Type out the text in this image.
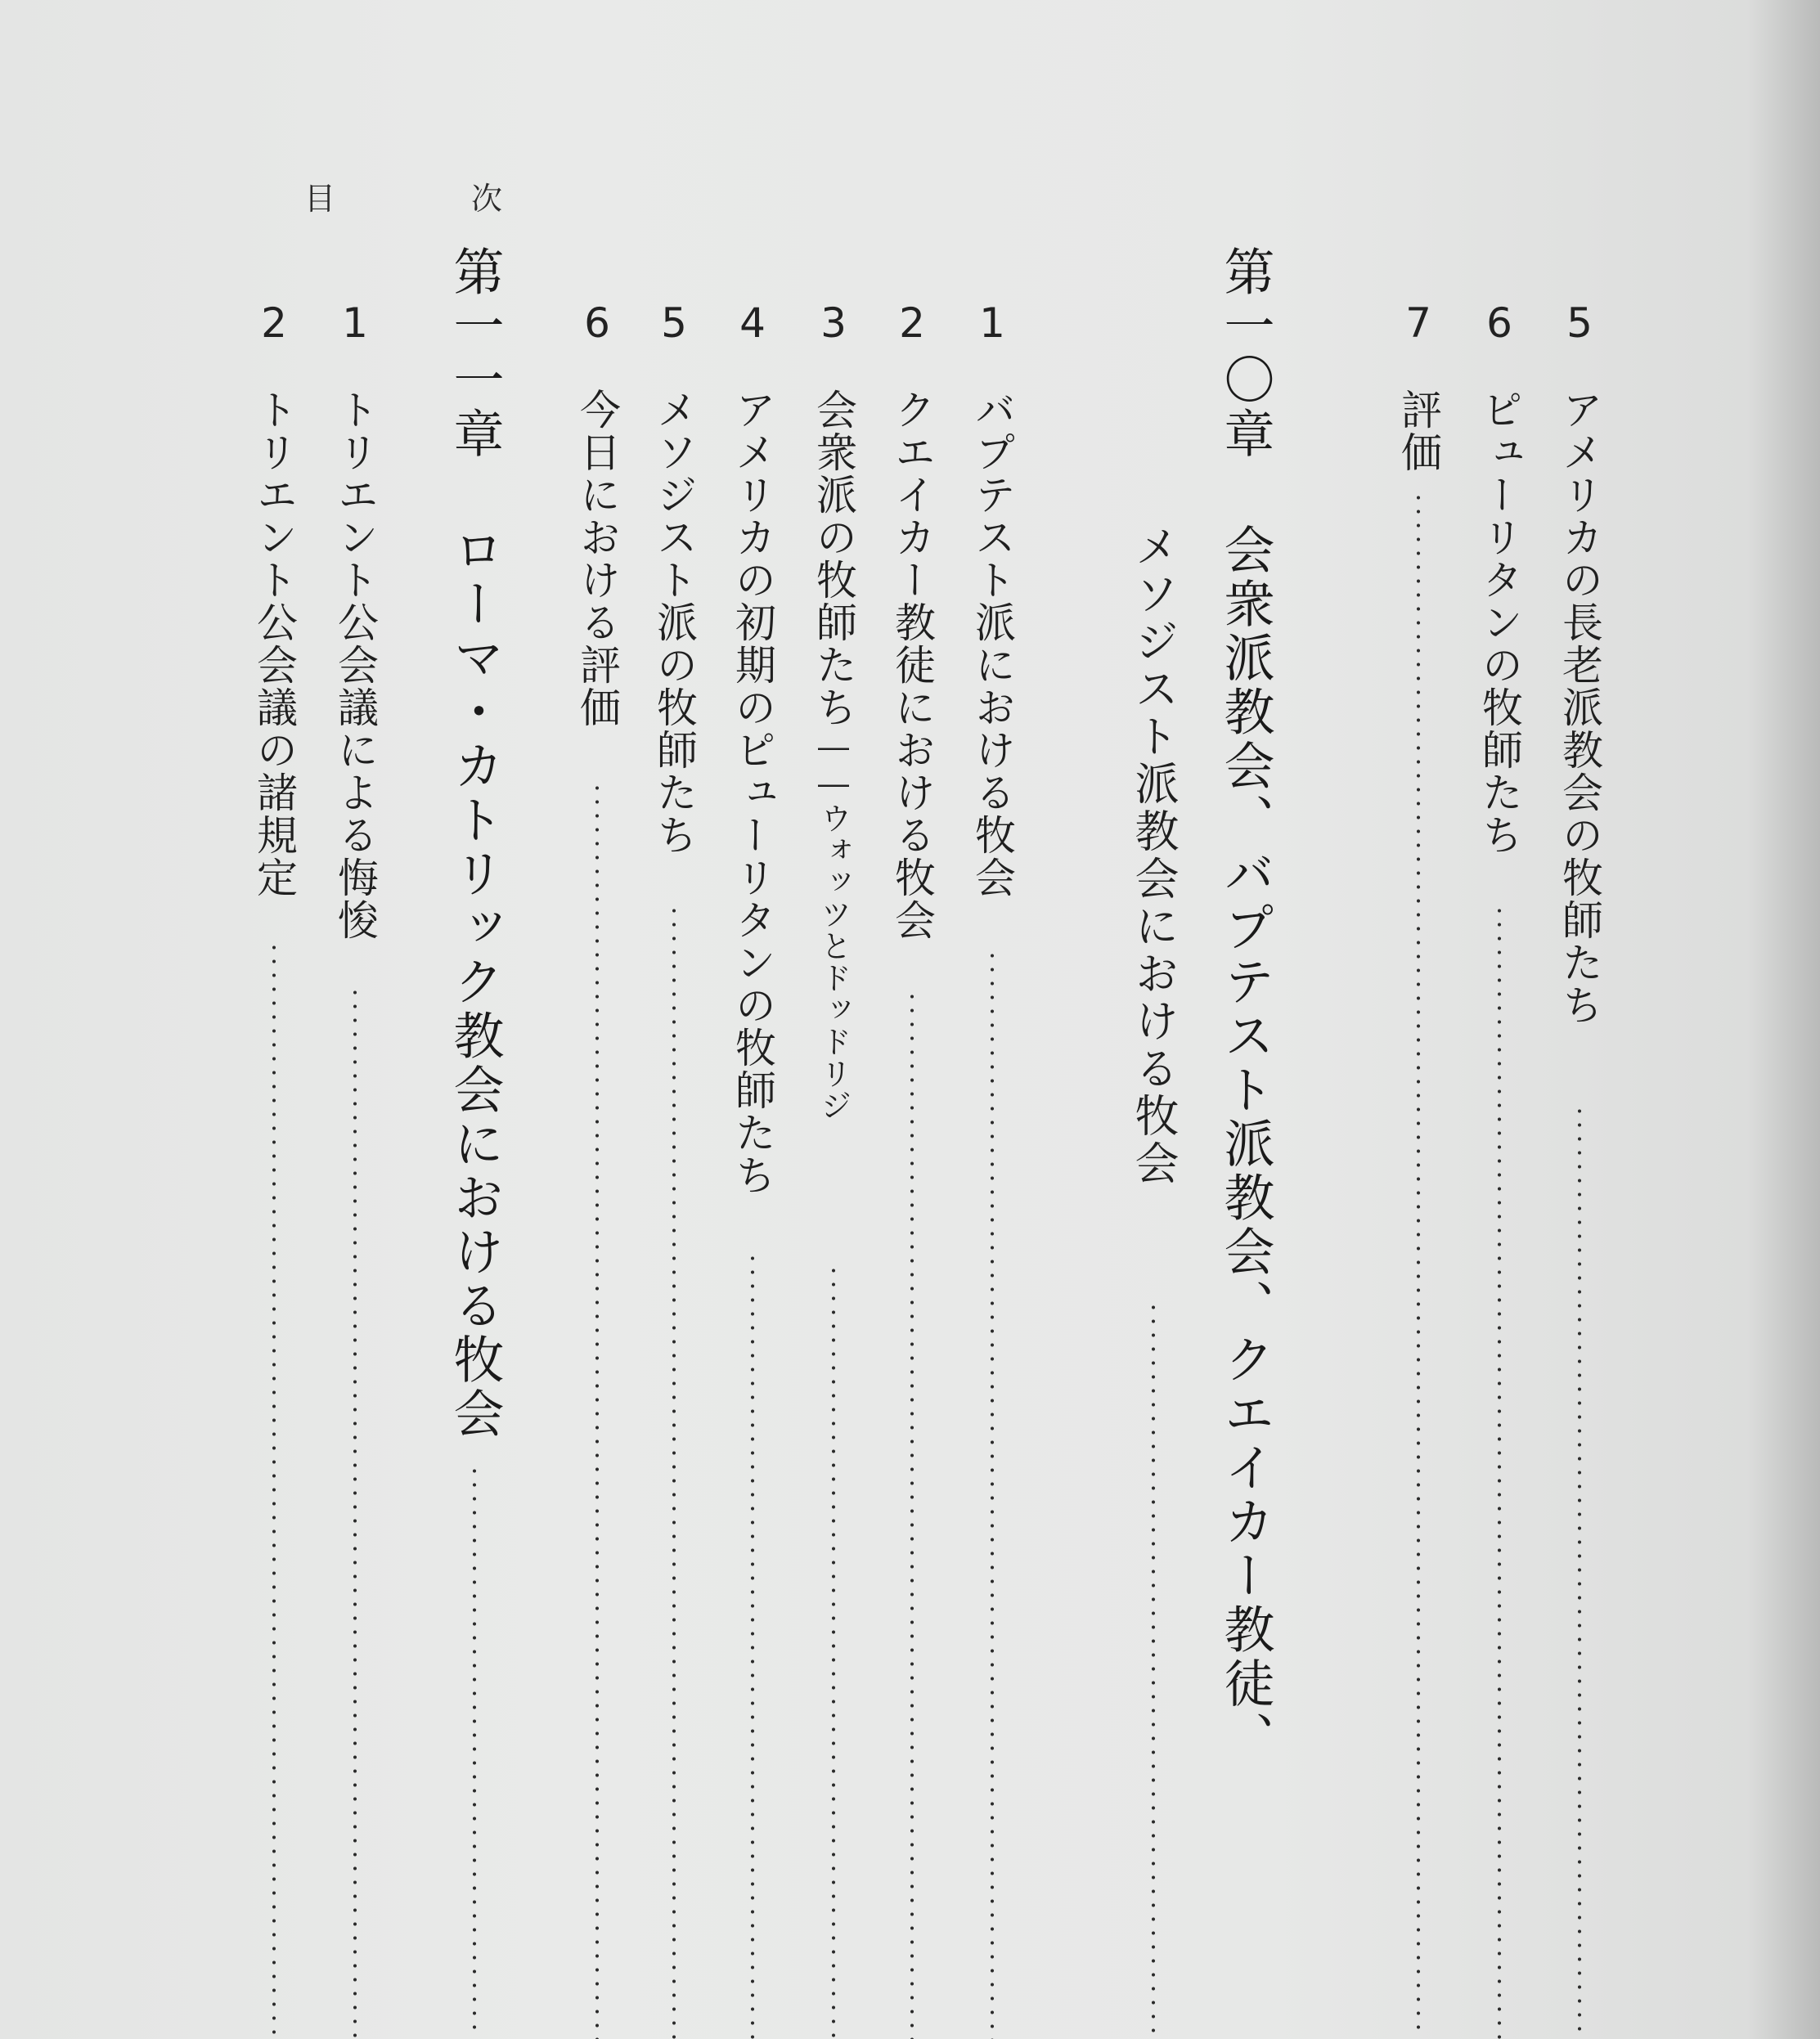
目　次
5
アメリカの長老派教会の牧師たち
6
ピューリタンの牧師たち
7
評価
第一〇章
会衆派教会、バプテスト派教会、クエイカー教徒、
メソジスト派教会における牧会
1
バプテスト派における牧会
2
クエイカー教徒における牧会
3
会衆派の牧師たち――ウォッツとドッドリジ
4
アメリカの初期のピューリタンの牧師たち
5
メソジスト派の牧師たち
6
今日における評価
第一一章
ローマ・カトリック教会における牧会
1
トリエント公会議による悔悛
2
トリエント公会議の諸規定
